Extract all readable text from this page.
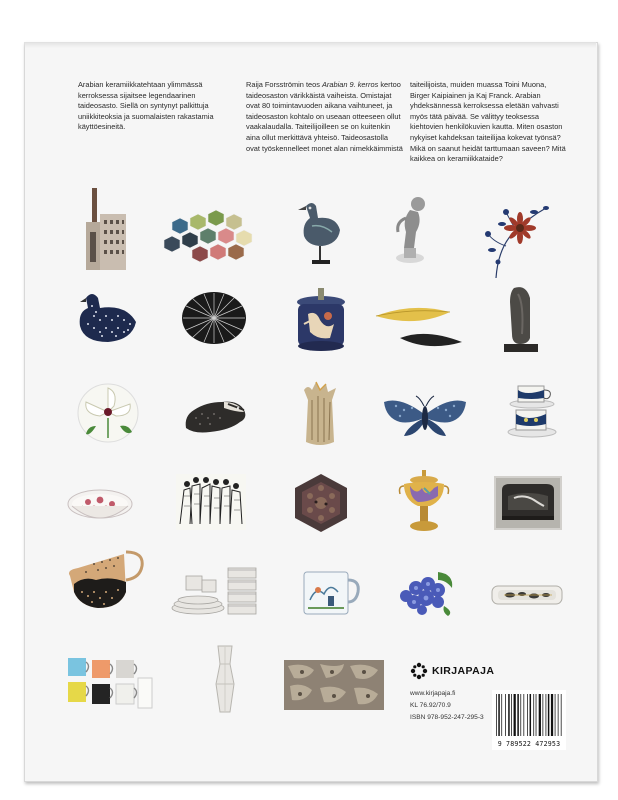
Arabian keramiikkatehtaan ylimmässä kerroksessa sijaitsee legendaarinen taideosasto. Siellä on syntynyt palkittuja uniikkiteoksia ja suomalaisten rakastamia käyttöesineitä.

Raija Forsströmin teos Arabian 9. kerros kertoo taideosaston värikkäistä vaiheista. Omistajat ovat 80 toimintavuoden aikana vaihtuneet, ja taideosaston kohtalo on useaan otteeseen ollut vaakalaudalla. Taiteilijoilleen se on kuitenkin aina ollut merkittävä yhteisö. Taideosastolla ovat työskennelleet monet alan nimekkäimmistä

taiteilijoista, muiden muassa Toini Muona, Birger Kaipiainen ja Kaj Franck. Arabian yhdeksännessä kerroksessa eletään vahvasti myös tätä päivää. Se välittyy teoksessa kiehtovien henkilökuvien kautta. Miten osaston nykyiset kahdeksan taiteilijaa kokevat työnsä? Mikä on saanut heidät tarttumaan saveen? Mitä kaikkea on keramiikkataide?

KIRJAPAJA
www.kirjapaja.fi
KL 76.92/70.9
ISBN 978-952-247-295-3
9 789522 472953
